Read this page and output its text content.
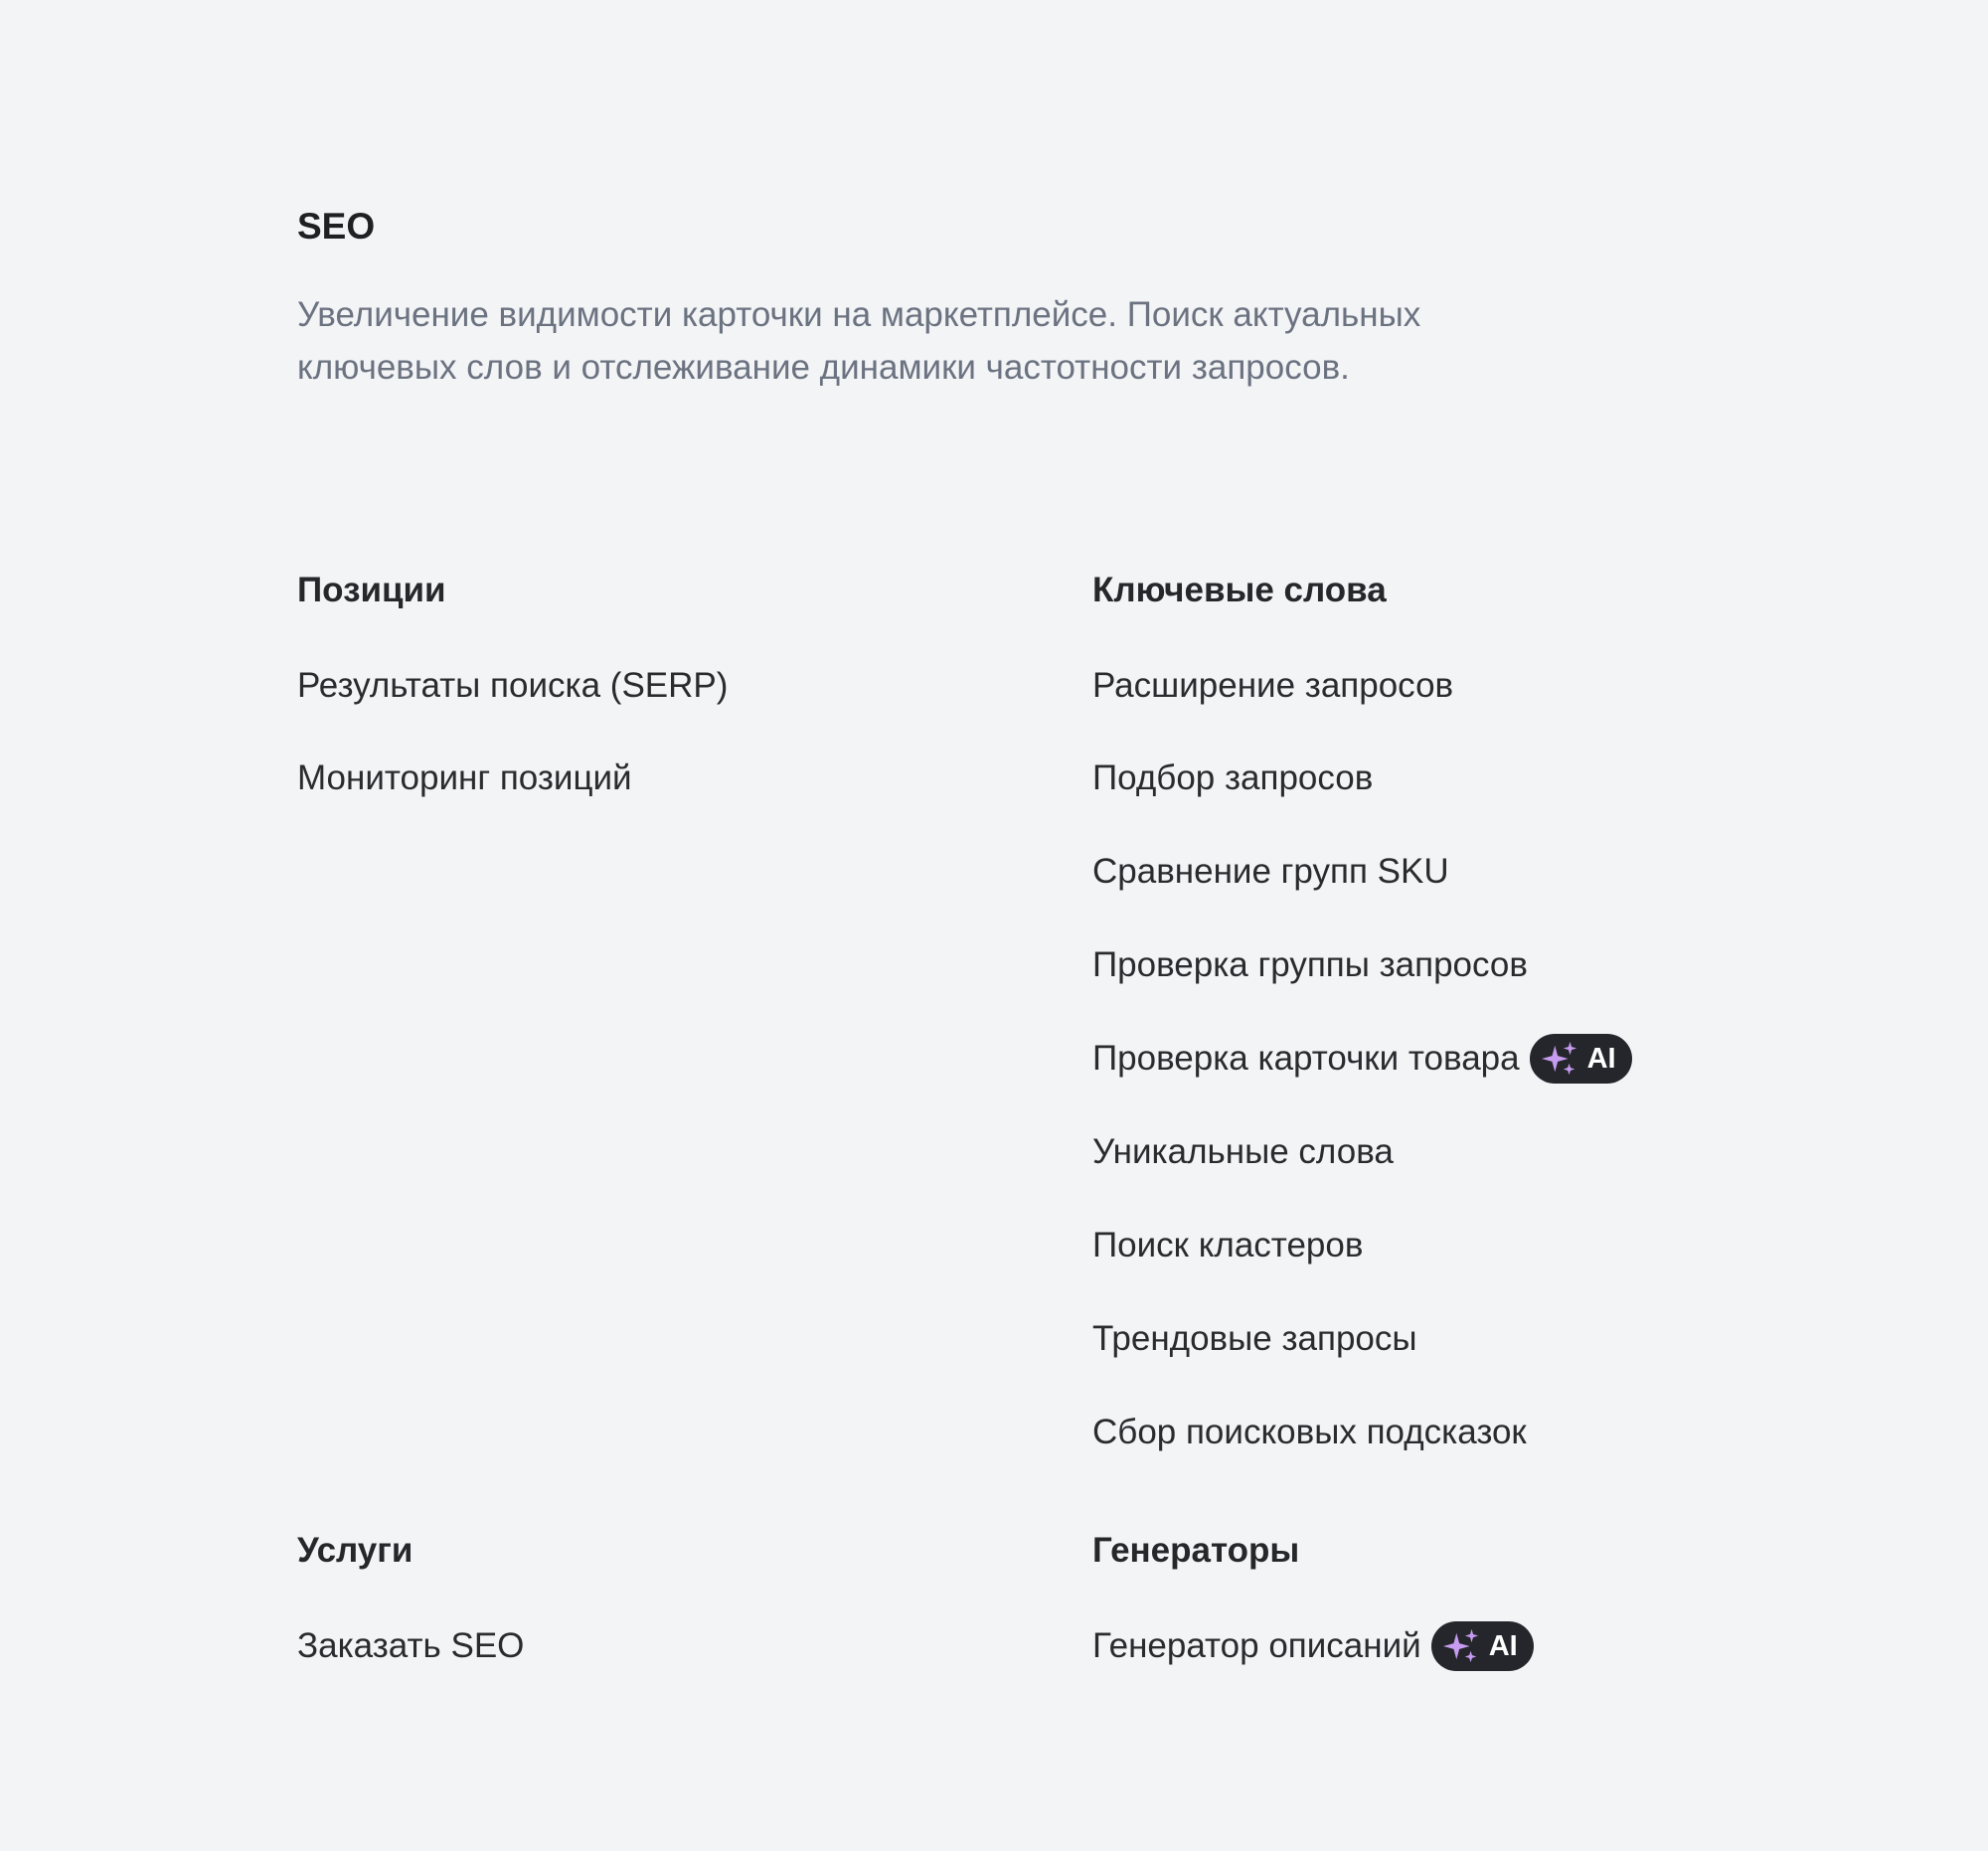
SEO

Увеличение видимости карточки на маркетплейсе. Поиск актуальных ключевых слов и отслеживание динамики частотности запросов.

Позиции
Результаты поиска (SERP)
Мониторинг позиций
Ключевые слова
Расширение запросов
Подбор запросов
Сравнение групп SKU
Проверка группы запросов
Проверка карточки товара AI
Уникальные слова
Поиск кластеров
Трендовые запросы
Сбор поисковых подсказок
Услуги
Заказать SEO
Генераторы
Генератор описаний AI
